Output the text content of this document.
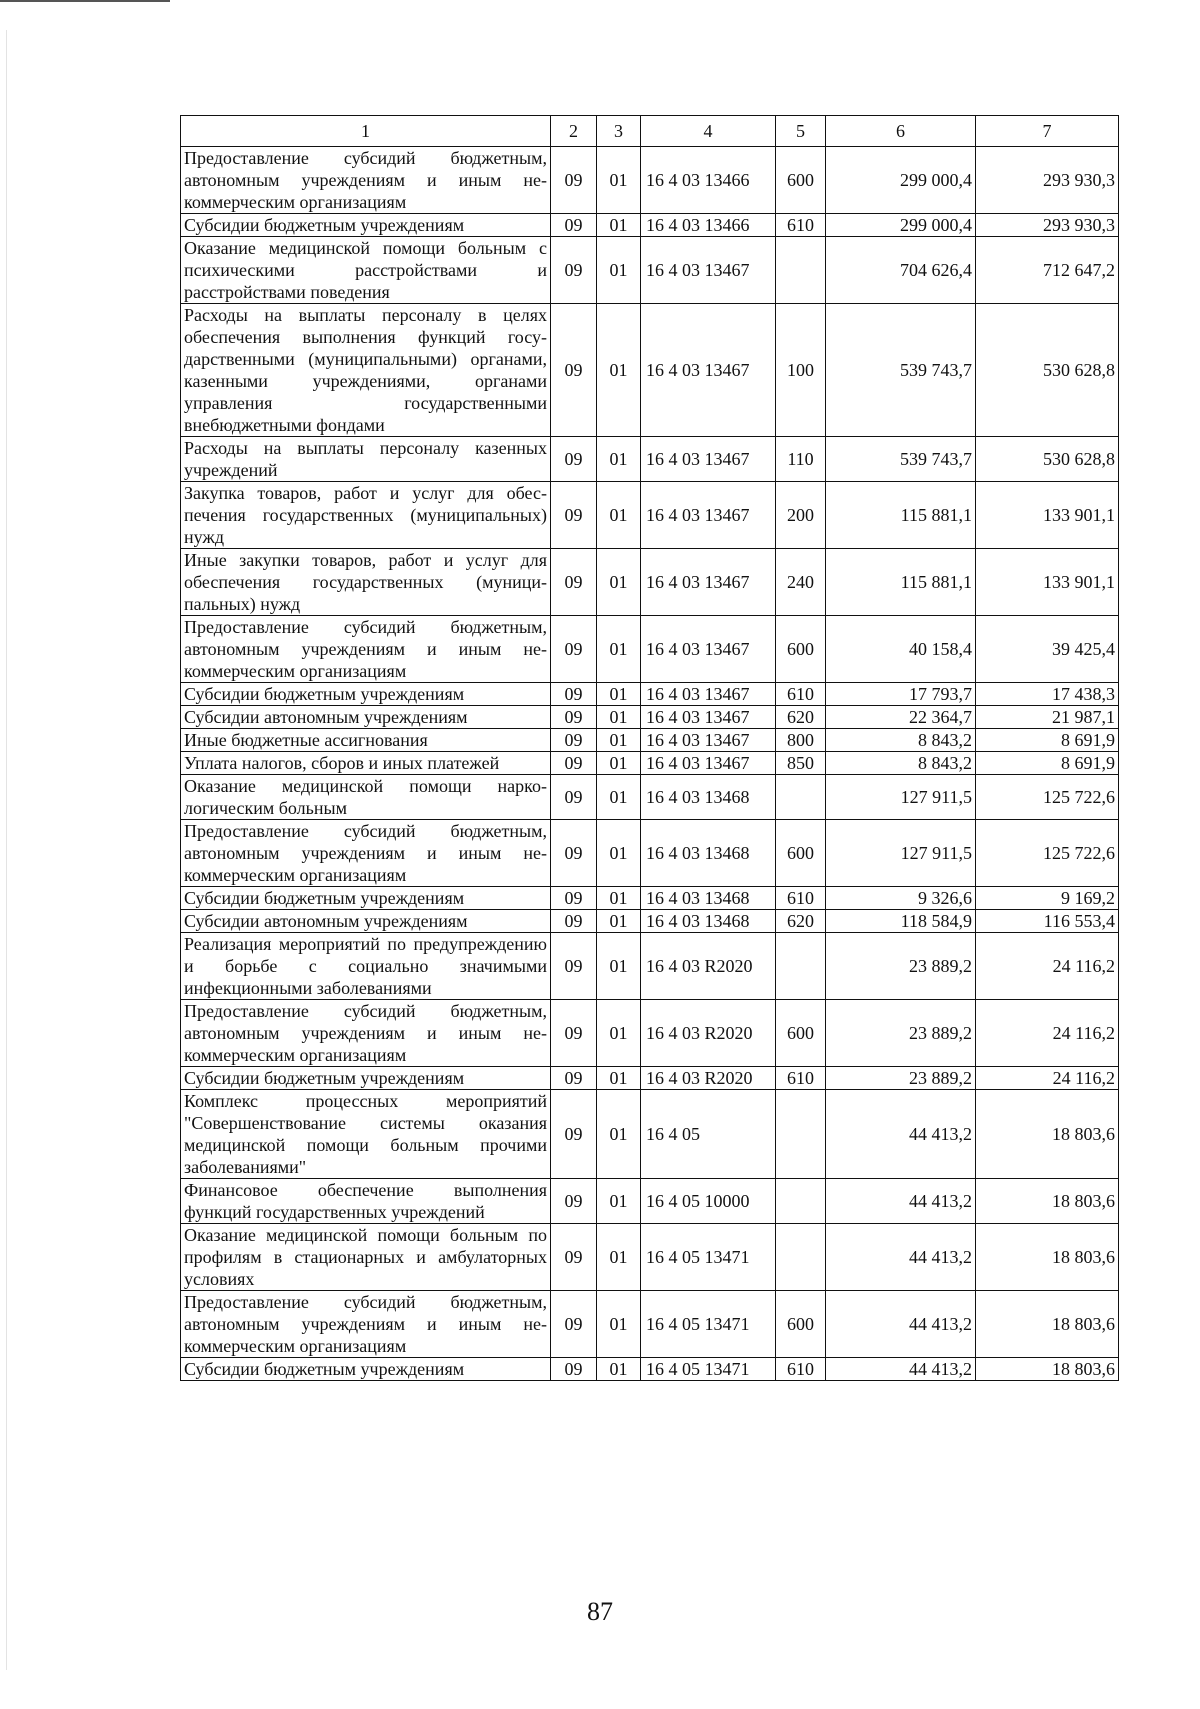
1	2	3	4	5	6	7
Предоставление субсидий бюджетным, автономным учреждениям и иным некоммерческим организациям	09	01	16 4 03 13466	600	299 000,4	293 930,3
Субсидии бюджетным учреждениям	09	01	16 4 03 13466	610	299 000,4	293 930,3
Оказание медицинской помощи больным с психическими расстройствами и расстройствами поведения	09	01	16 4 03 13467		704 626,4	712 647,2
Расходы на выплаты персоналу в целях обеспечения выполнения функций государственными (муниципальными) органами, казенными учреждениями, органами управления государственными внебюджетными фондами	09	01	16 4 03 13467	100	539 743,7	530 628,8
Расходы на выплаты персоналу казенных учреждений	09	01	16 4 03 13467	110	539 743,7	530 628,8
Закупка товаров, работ и услуг для обеспечения государственных (муниципальных) нужд	09	01	16 4 03 13467	200	115 881,1	133 901,1
Иные закупки товаров, работ и услуг для обеспечения государственных (муниципальных) нужд	09	01	16 4 03 13467	240	115 881,1	133 901,1
Предоставление субсидий бюджетным, автономным учреждениям и иным некоммерческим организациям	09	01	16 4 03 13467	600	40 158,4	39 425,4
Субсидии бюджетным учреждениям	09	01	16 4 03 13467	610	17 793,7	17 438,3
Субсидии автономным учреждениям	09	01	16 4 03 13467	620	22 364,7	21 987,1
Иные бюджетные ассигнования	09	01	16 4 03 13467	800	8 843,2	8 691,9
Уплата налогов, сборов и иных платежей	09	01	16 4 03 13467	850	8 843,2	8 691,9
Оказание медицинской помощи наркологическим больным	09	01	16 4 03 13468		127 911,5	125 722,6
Предоставление субсидий бюджетным, автономным учреждениям и иным некоммерческим организациям	09	01	16 4 03 13468	600	127 911,5	125 722,6
Субсидии бюджетным учреждениям	09	01	16 4 03 13468	610	9 326,6	9 169,2
Субсидии автономным учреждениям	09	01	16 4 03 13468	620	118 584,9	116 553,4
Реализация мероприятий по предупреждению и борьбе с социально значимыми инфекционными заболеваниями	09	01	16 4 03 R2020		23 889,2	24 116,2
Предоставление субсидий бюджетным, автономным учреждениям и иным некоммерческим организациям	09	01	16 4 03 R2020	600	23 889,2	24 116,2
Субсидии бюджетным учреждениям	09	01	16 4 03 R2020	610	23 889,2	24 116,2
Комплекс процессных мероприятий "Совершенствование системы оказания медицинской помощи больным прочими заболеваниями"	09	01	16 4 05		44 413,2	18 803,6
Финансовое обеспечение выполнения функций государственных учреждений	09	01	16 4 05 10000		44 413,2	18 803,6
Оказание медицинской помощи больным по профилям в стационарных и амбулаторных условиях	09	01	16 4 05 13471		44 413,2	18 803,6
Предоставление субсидий бюджетным, автономным учреждениям и иным некоммерческим организациям	09	01	16 4 05 13471	600	44 413,2	18 803,6
Субсидии бюджетным учреждениям	09	01	16 4 05 13471	610	44 413,2	18 803,6
87
